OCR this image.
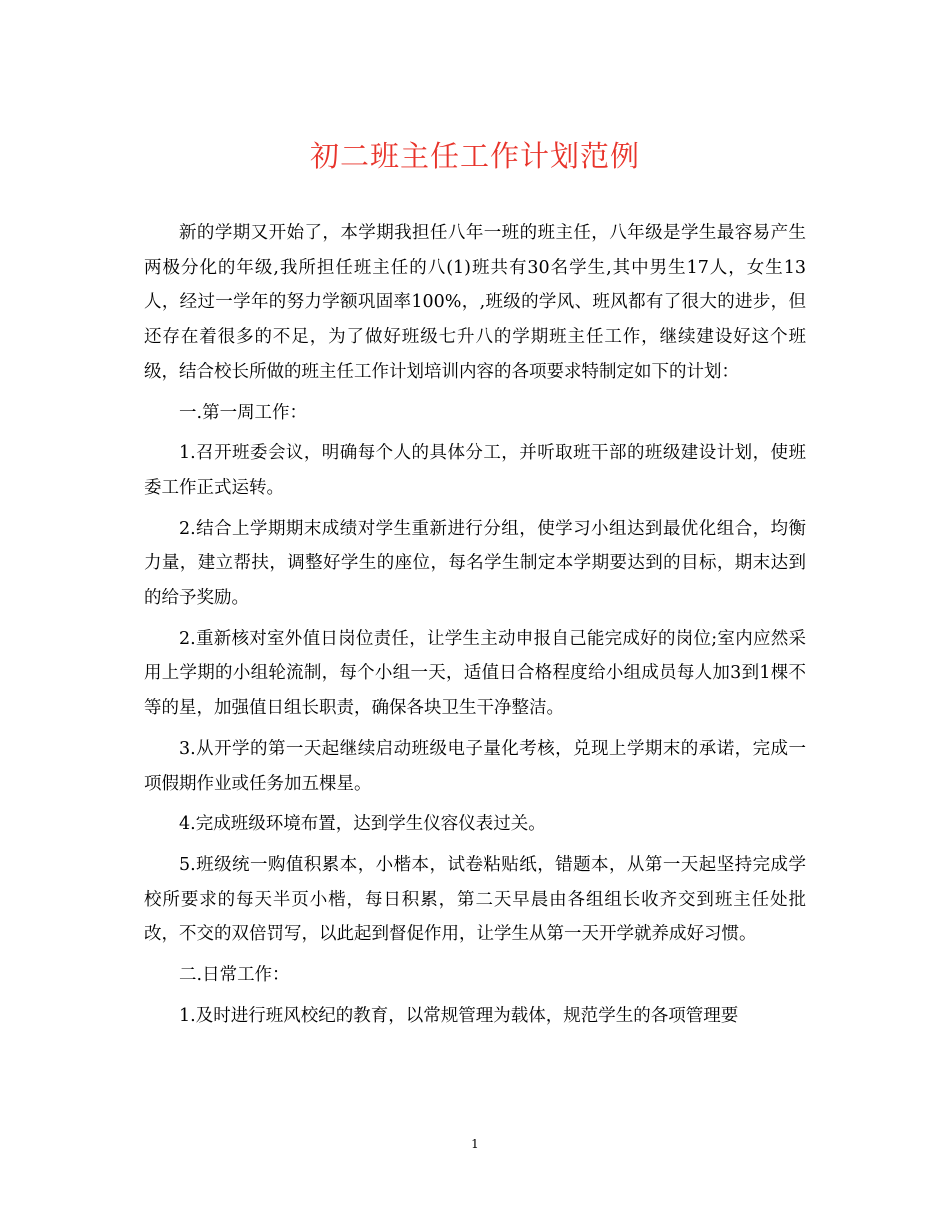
初二班主任工作计划范例

新的学期又开始了，本学期我担任八年一班的班主任，八年级是学生最容易产生两极分化的年级,我所担任班主任的八(1)班共有30名学生,其中男生17人，女生13人，经过一学年的努力学额巩固率100%，,班级的学风、班风都有了很大的进步，但还存在着很多的不足，为了做好班级七升八的学期班主任工作，继续建设好这个班级，结合校长所做的班主任工作计划培训内容的各项要求特制定如下的计划：

一.第一周工作：

1.召开班委会议，明确每个人的具体分工，并听取班干部的班级建设计划，使班委工作正式运转。

2.结合上学期期末成绩对学生重新进行分组，使学习小组达到最优化组合，均衡力量，建立帮扶，调整好学生的座位，每名学生制定本学期要达到的目标，期末达到的给予奖励。

2.重新核对室外值日岗位责任，让学生主动申报自己能完成好的岗位;室内应然采用上学期的小组轮流制，每个小组一天，适值日合格程度给小组成员每人加3到1棵不等的星，加强值日组长职责，确保各块卫生干净整洁。

3.从开学的第一天起继续启动班级电子量化考核，兑现上学期末的承诺，完成一项假期作业或任务加五棵星。

4.完成班级环境布置，达到学生仪容仪表过关。

5.班级统一购值积累本，小楷本，试卷粘贴纸，错题本，从第一天起坚持完成学校所要求的每天半页小楷，每日积累，第二天早晨由各组组长收齐交到班主任处批改，不交的双倍罚写，以此起到督促作用，让学生从第一天开学就养成好习惯。

二.日常工作：

1.及时进行班风校纪的教育，以常规管理为载体，规范学生的各项管理要

1
